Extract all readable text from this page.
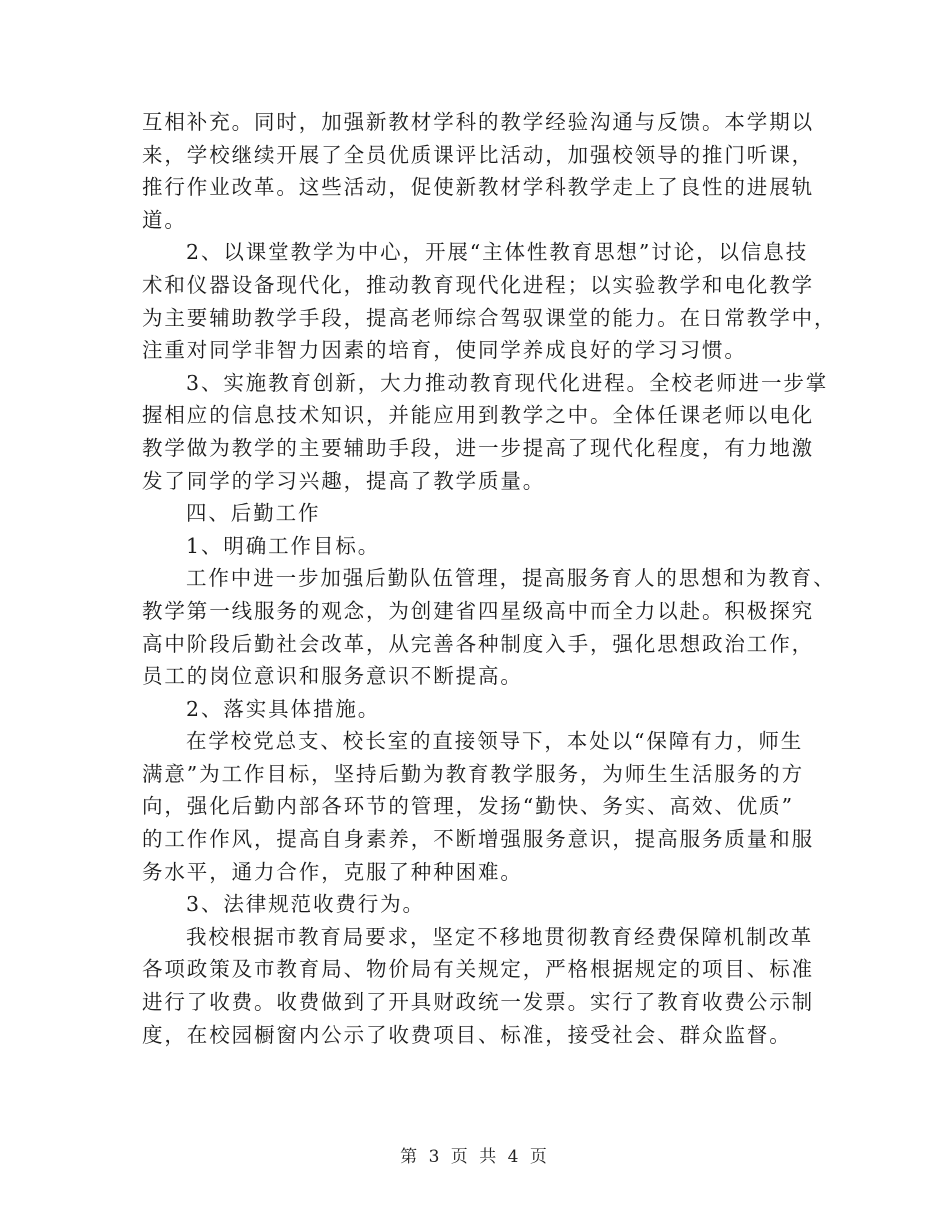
互相补充。同时，加强新教材学科的教学经验沟通与反馈。本学期以
来，学校继续开展了全员优质课评比活动，加强校领导的推门听课，
推行作业改革。这些活动，促使新教材学科教学走上了良性的进展轨
道。
2、以课堂教学为中心，开展“主体性教育思想”讨论，以信息技
术和仪器设备现代化，推动教育现代化进程；以实验教学和电化教学
为主要辅助教学手段，提高老师综合驾驭课堂的能力。在日常教学中，
注重对同学非智力因素的培育，使同学养成良好的学习习惯。
3、实施教育创新，大力推动教育现代化进程。全校老师进一步掌
握相应的信息技术知识，并能应用到教学之中。全体任课老师以电化
教学做为教学的主要辅助手段，进一步提高了现代化程度，有力地激
发了同学的学习兴趣，提高了教学质量。
四、后勤工作
1、明确工作目标。
工作中进一步加强后勤队伍管理，提高服务育人的思想和为教育、
教学第一线服务的观念，为创建省四星级高中而全力以赴。积极探究
高中阶段后勤社会改革，从完善各种制度入手，强化思想政治工作，
员工的岗位意识和服务意识不断提高。
2、落实具体措施。
在学校党总支、校长室的直接领导下，本处以“保障有力，师生
满意”为工作目标，坚持后勤为教育教学服务，为师生生活服务的方
向，强化后勤内部各环节的管理，发扬“勤快、务实、高效、优质”
的工作作风，提高自身素养，不断增强服务意识，提高服务质量和服
务水平，通力合作，克服了种种困难。
3、法律规范收费行为。
我校根据市教育局要求，坚定不移地贯彻教育经费保障机制改革
各项政策及市教育局、物价局有关规定，严格根据规定的项目、标准
进行了收费。收费做到了开具财政统一发票。实行了教育收费公示制
度，在校园橱窗内公示了收费项目、标准，接受社会、群众监督。
第 3 页 共 4 页
